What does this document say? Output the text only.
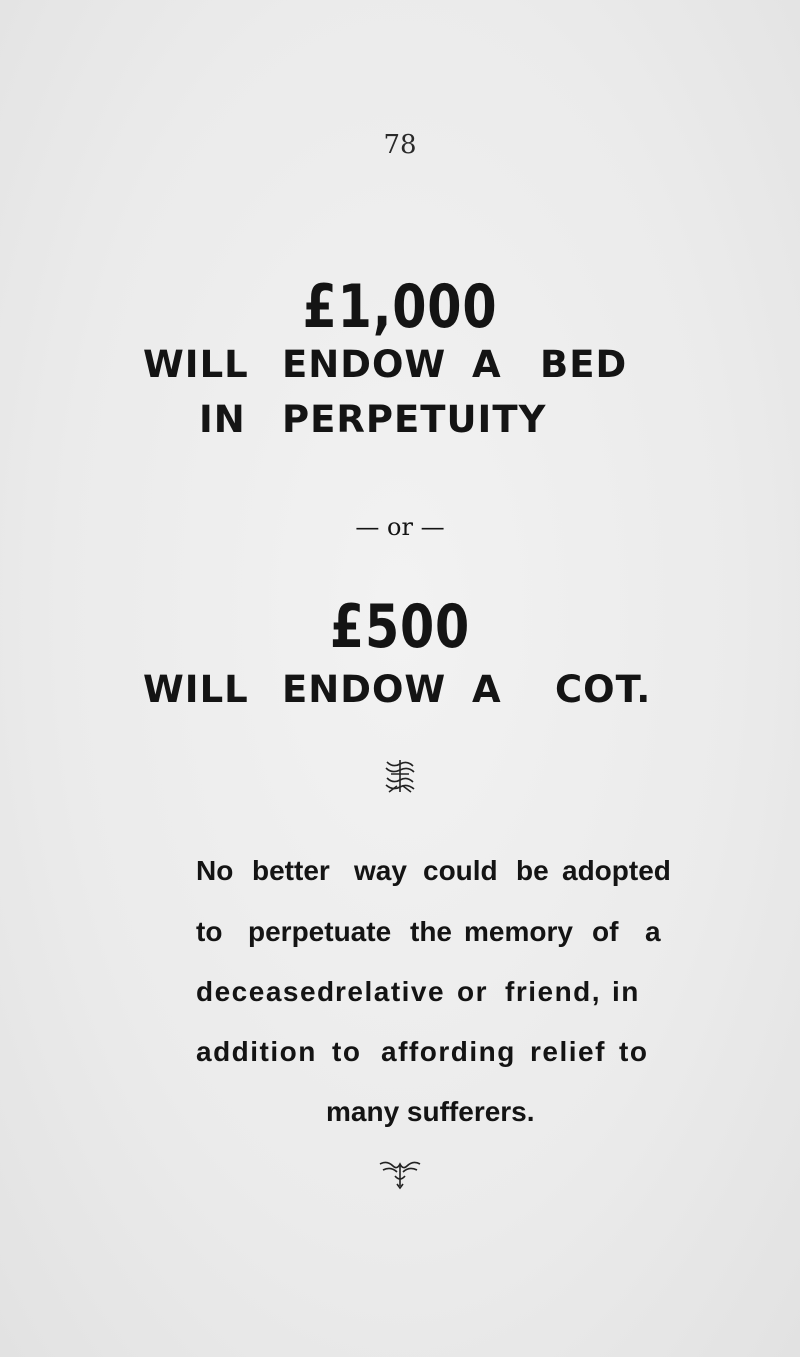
78
£1,000
WILL ENDOW A BED
IN PERPETUITY
— or —
£500
WILL ENDOW A COT.
No better way could be adopted
to perpetuate the memory of a
deceased relative or friend, in
addition to affording relief to
many sufferers.
